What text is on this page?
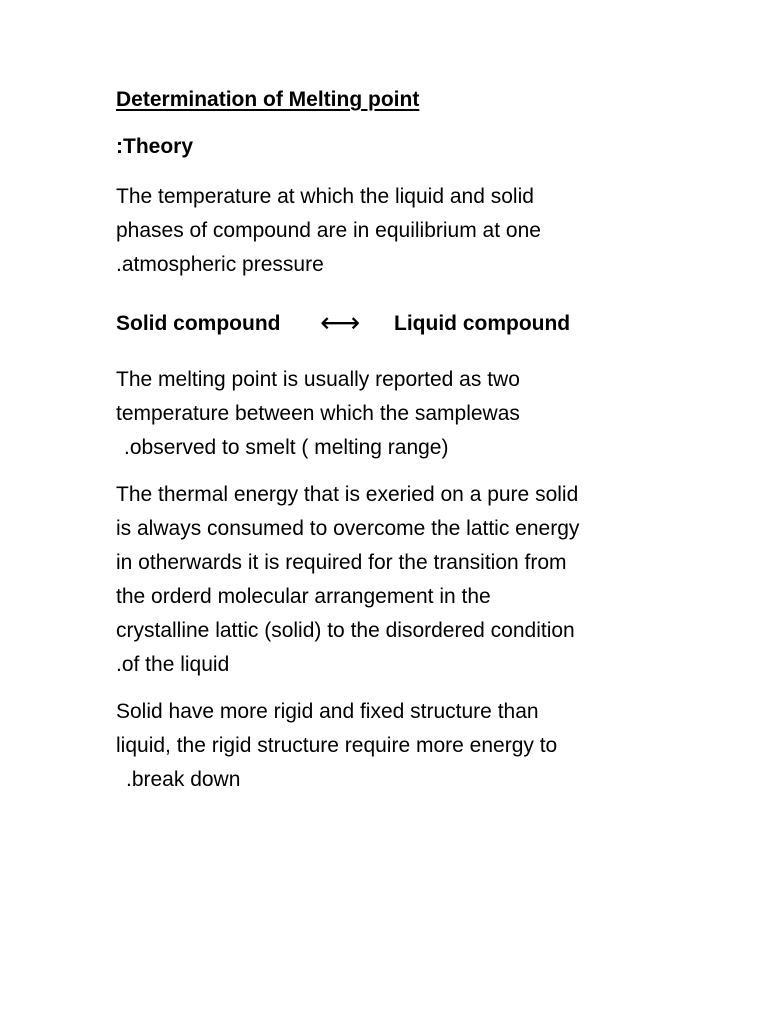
Determination of Melting point
:Theory
The temperature at which the liquid and solid
phases of compound are in equilibrium at one
.atmospheric pressure
Solid compound ⟷ Liquid compound
The melting point is usually reported as two
temperature between which the samplewas
.observed to smelt ( melting range)
The thermal energy that is exeried on a pure solid
is always consumed to overcome the lattic energy
in otherwards it is required for the transition from
the orderd molecular arrangement in the
crystalline lattic (solid) to the disordered condition
.of the liquid
Solid have more rigid and fixed structure than
liquid, the rigid structure require more energy to
.break down
